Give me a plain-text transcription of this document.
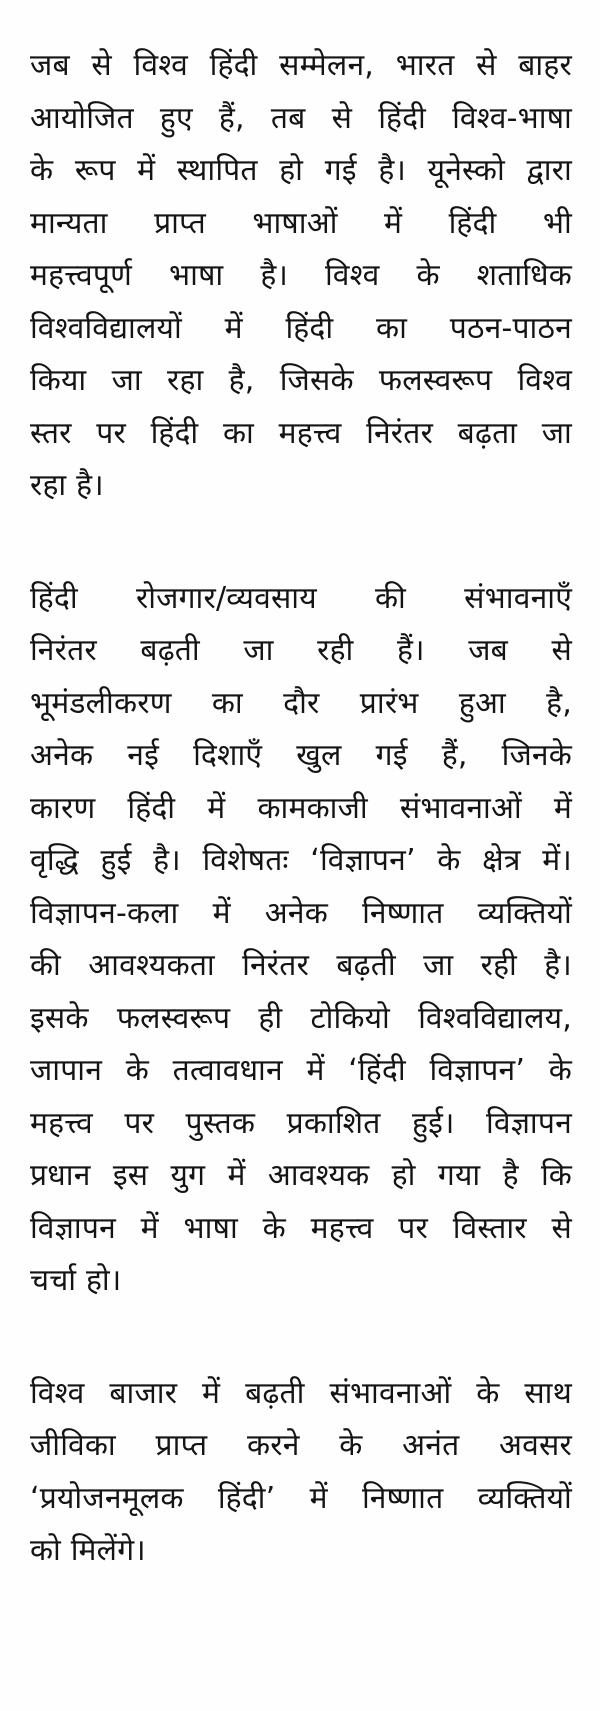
जब से विश्व हिंदी सम्मेलन, भारत से बाहर
आयोजित हुए हैं, तब से हिंदी विश्व-भाषा
के रूप में स्थापित हो गई है। यूनेस्को द्वारा
मान्यता प्राप्त भाषाओं में हिंदी भी
महत्त्वपूर्ण भाषा है। विश्व के शताधिक
विश्वविद्यालयों में हिंदी का पठन-पाठन
किया जा रहा है, जिसके फलस्वरूप विश्व
स्तर पर हिंदी का महत्त्व निरंतर बढ़ता जा
रहा है।

हिंदी रोजगार/व्यवसाय की संभावनाएँ
निरंतर बढ़ती जा रही हैं। जब से
भूमंडलीकरण का दौर प्रारंभ हुआ है,
अनेक नई दिशाएँ खुल गई हैं, जिनके
कारण हिंदी में कामकाजी संभावनाओं में
वृद्धि हुई है। विशेषतः ‘विज्ञापन’ के क्षेत्र में।
विज्ञापन-कला में अनेक निष्णात व्यक्तियों
की आवश्यकता निरंतर बढ़ती जा रही है।
इसके फलस्वरूप ही टोकियो विश्वविद्यालय,
जापान के तत्वावधान में ‘हिंदी विज्ञापन’ के
महत्त्व पर पुस्तक प्रकाशित हुई। विज्ञापन
प्रधान इस युग में आवश्यक हो गया है कि
विज्ञापन में भाषा के महत्त्व पर विस्तार से
चर्चा हो।

विश्व बाजार में बढ़ती संभावनाओं के साथ
जीविका प्राप्त करने के अनंत अवसर
‘प्रयोजनमूलक हिंदी’ में निष्णात व्यक्तियों
को मिलेंगे।
